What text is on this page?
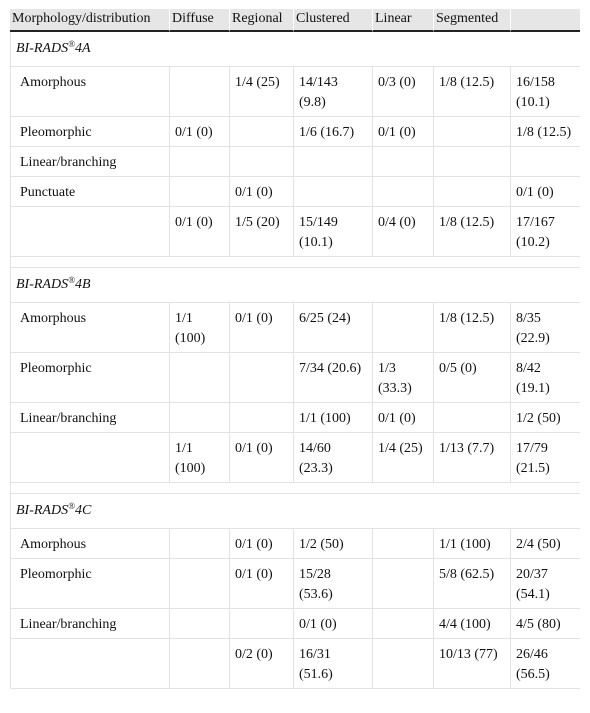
Morphology/distribution	Diffuse	Regional	Clustered	Linear	Segmented	
BI-RADS®4A						
Amorphous		1/4 (25)	14/143 (9.8)	0/3 (0)	1/8 (12.5)	16/158 (10.1)
Pleomorphic	0/1 (0)		1/6 (16.7)	0/1 (0)		1/8 (12.5)
Linear/branching						
Punctuate		0/1 (0)				0/1 (0)
	0/1 (0)	1/5 (20)	15/149 (10.1)	0/4 (0)	1/8 (12.5)	17/167 (10.2)

BI-RADS®4B						
Amorphous	1/1 (100)	0/1 (0)	6/25 (24)		1/8 (12.5)	8/35 (22.9)
Pleomorphic			7/34 (20.6)	1/3 (33.3)	0/5 (0)	8/42 (19.1)
Linear/branching			1/1 (100)	0/1 (0)		1/2 (50)
	1/1 (100)	0/1 (0)	14/60 (23.3)	1/4 (25)	1/13 (7.7)	17/79 (21.5)

BI-RADS®4C						
Amorphous		0/1 (0)	1/2 (50)		1/1 (100)	2/4 (50)
Pleomorphic		0/1 (0)	15/28 (53.6)		5/8 (62.5)	20/37 (54.1)
Linear/branching			0/1 (0)		4/4 (100)	4/5 (80)
		0/2 (0)	16/31 (51.6)		10/13 (77)	26/46 (56.5)
